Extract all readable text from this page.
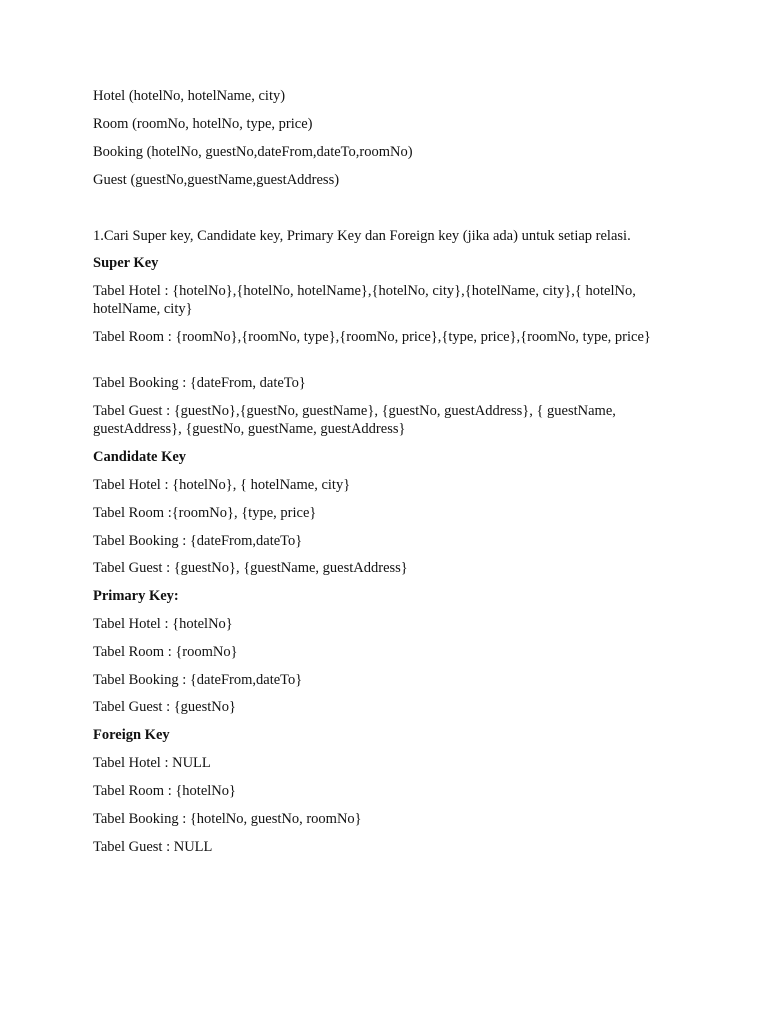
Hotel (hotelNo, hotelName, city)
Room (roomNo, hotelNo, type, price)
Booking (hotelNo, guestNo,dateFrom,dateTo,roomNo)
Guest (guestNo,guestName,guestAddress)
1.Cari Super key, Candidate key, Primary Key dan Foreign key (jika ada) untuk setiap relasi.
Super Key
Tabel Hotel : {hotelNo},{hotelNo, hotelName},{hotelNo, city},{hotelName, city},{ hotelNo, hotelName, city}
Tabel Room : {roomNo},{roomNo, type},{roomNo, price},{type, price},{roomNo, type, price}
Tabel Booking : {dateFrom, dateTo}
Tabel Guest : {guestNo},{guestNo, guestName}, {guestNo, guestAddress}, { guestName, guestAddress}, {guestNo, guestName, guestAddress}
Candidate Key
Tabel Hotel : {hotelNo}, { hotelName, city}
Tabel Room :{roomNo}, {type, price}
Tabel Booking : {dateFrom,dateTo}
Tabel Guest : {guestNo}, {guestName, guestAddress}
Primary Key:
Tabel Hotel : {hotelNo}
Tabel Room : {roomNo}
Tabel Booking : {dateFrom,dateTo}
Tabel Guest : {guestNo}
Foreign Key
Tabel Hotel : NULL
Tabel Room : {hotelNo}
Tabel Booking : {hotelNo, guestNo, roomNo}
Tabel Guest : NULL
